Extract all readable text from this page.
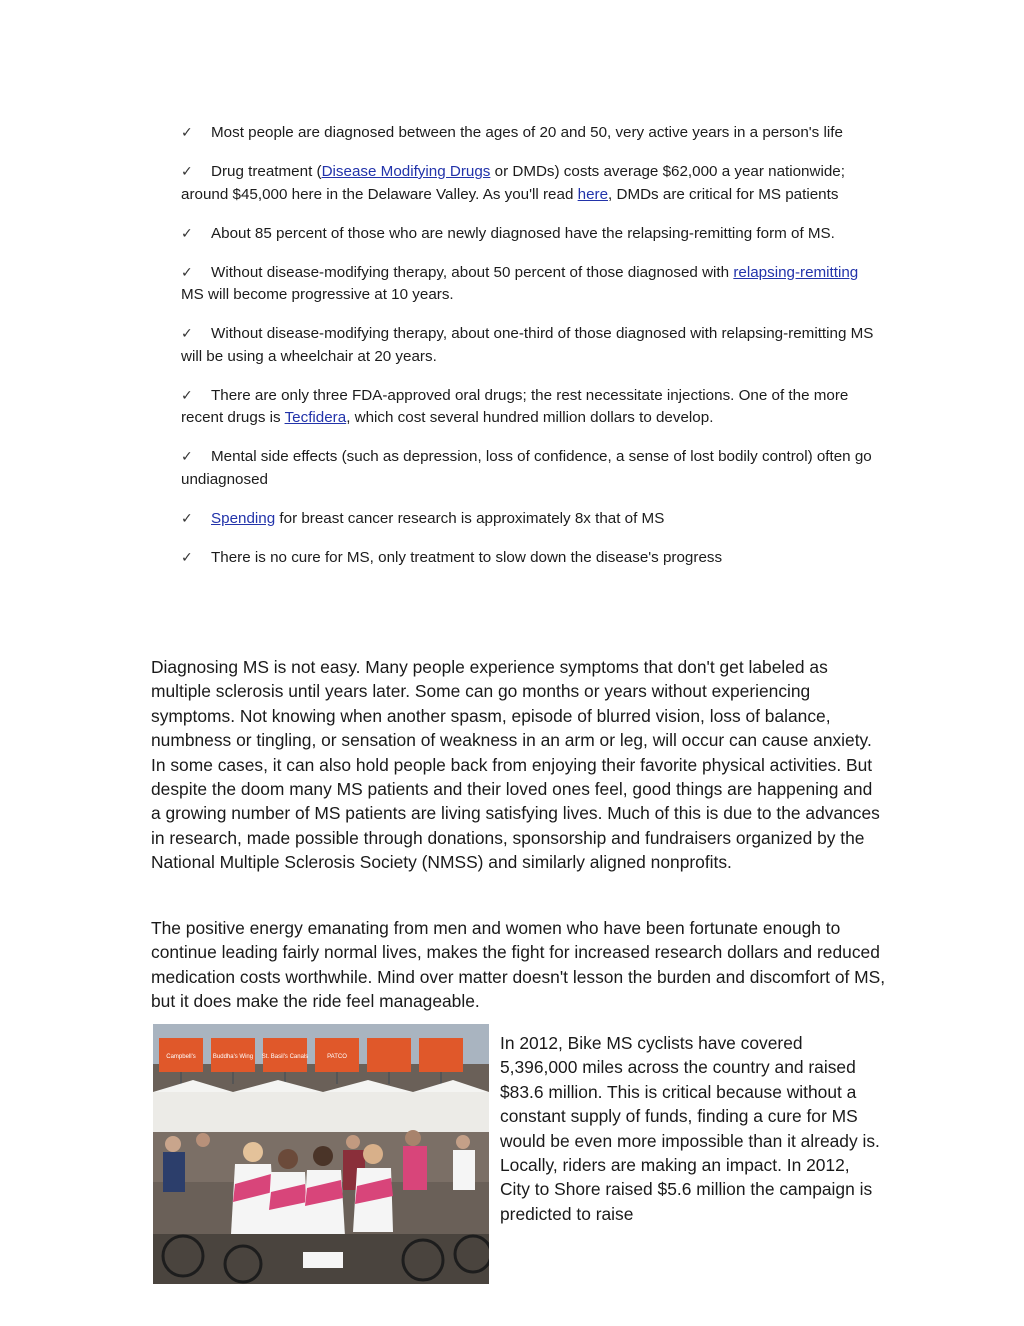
✓ Most people are diagnosed between the ages of 20 and 50, very active years in a person's life
✓ Drug treatment (Disease Modifying Drugs or DMDs) costs average $62,000 a year nationwide; around $45,000 here in the Delaware Valley. As you'll read here, DMDs are critical for MS patients
✓ About 85 percent of those who are newly diagnosed have the relapsing-remitting form of MS.
✓ Without disease-modifying therapy, about 50 percent of those diagnosed with relapsing-remitting MS will become progressive at 10 years.
✓ Without disease-modifying therapy, about one-third of those diagnosed with relapsing-remitting MS will be using a wheelchair at 20 years.
✓ There are only three FDA-approved oral drugs; the rest necessitate injections. One of the more recent drugs is Tecfidera, which cost several hundred million dollars to develop.
✓ Mental side effects (such as depression, loss of confidence, a sense of lost bodily control) often go undiagnosed
✓ Spending for breast cancer research is approximately 8x that of MS
✓ There is no cure for MS, only treatment to slow down the disease's progress

Diagnosing MS is not easy. Many people experience symptoms that don't get labeled as multiple sclerosis until years later. Some can go months or years without experiencing symptoms. Not knowing when another spasm, episode of blurred vision, loss of balance, numbness or tingling, or sensation of weakness in an arm or leg, will occur can cause anxiety. In some cases, it can also hold people back from enjoying their favorite physical activities. But despite the doom many MS patients and their loved ones feel, good things are happening and a growing number of MS patients are living satisfying lives. Much of this is due to the advances in research, made possible through donations, sponsorship and fundraisers organized by the National Multiple Sclerosis Society (NMSS) and similarly aligned nonprofits.

The positive energy emanating from men and women who have been fortunate enough to continue leading fairly normal lives, makes the fight for increased research dollars and reduced medication costs worthwhile. Mind over matter doesn't lesson the burden and discomfort of MS, but it does make the ride feel manageable.

Campbell's	Buddha's Wing St. Basil's Canals	PATCO

In 2012, Bike MS cyclists have covered 5,396,000 miles across the country and raised $83.6 million. This is critical because without a constant supply of funds, finding a cure for MS would be even more impossible than it already is. Locally, riders are making an impact. In 2012, City to Shore raised $5.6 million the campaign is predicted to raise
